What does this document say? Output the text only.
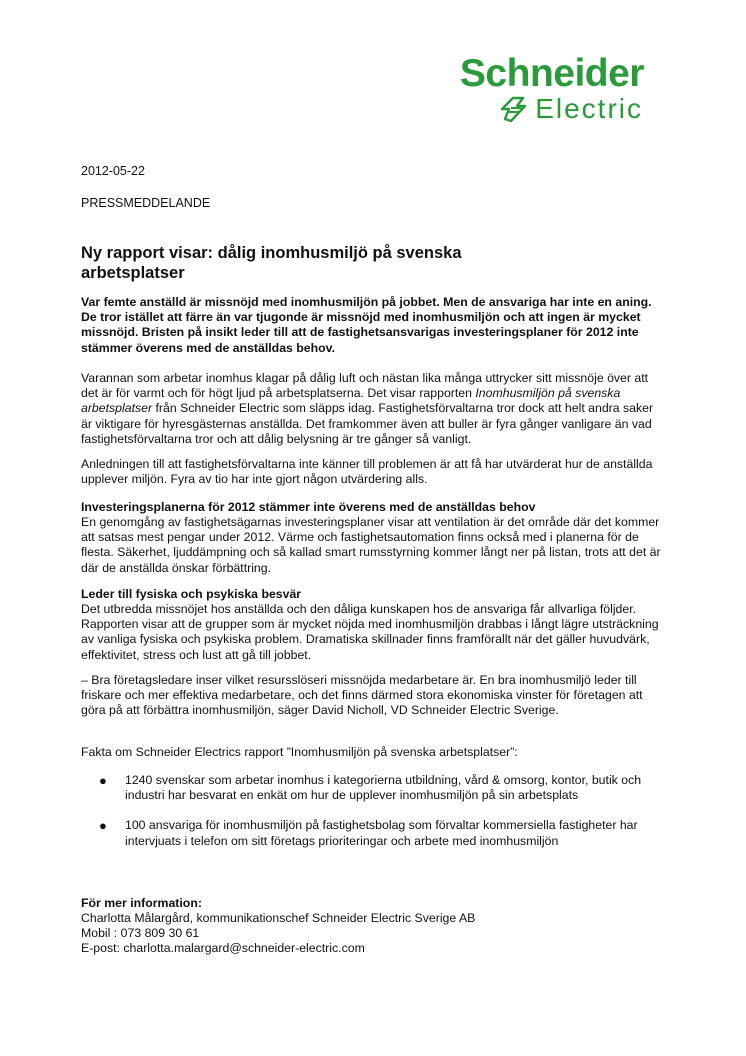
Schneider
Electric
2012-05-22
PRESSMEDDELANDE
Ny rapport visar: dålig inomhusmiljö på svenska arbetsplatser
Var femte anställd är missnöjd med inomhusmiljön på jobbet. Men de ansvariga har inte en aning. De tror istället att färre än var tjugonde är missnöjd med inomhusmiljön och att ingen är mycket missnöjd. Bristen på insikt leder till att de fastighetsansvarigas investeringsplaner för 2012 inte stämmer överens med de anställdas behov.
Varannan som arbetar inomhus klagar på dålig luft och nästan lika många uttrycker sitt missnöje över att det är för varmt och för högt ljud på arbetsplatserna. Det visar rapporten Inomhusmiljön på svenska arbetsplatser från Schneider Electric som släpps idag. Fastighetsförvaltarna tror dock att helt andra saker är viktigare för hyresgästernas anställda. Det framkommer även att buller är fyra gånger vanligare än vad fastighetsförvaltarna tror och att dålig belysning är tre gånger så vanligt.
Anledningen till att fastighetsförvaltarna inte känner till problemen är att få har utvärderat hur de anställda upplever miljön. Fyra av tio har inte gjort någon utvärdering alls.
Investeringsplanerna för 2012 stämmer inte överens med de anställdas behov
En genomgång av fastighetsägarnas investeringsplaner visar att ventilation är det område där det kommer att satsas mest pengar under 2012. Värme och fastighetsautomation finns också med i planerna för de flesta. Säkerhet, ljuddämpning och så kallad smart rumsstyrning kommer långt ner på listan, trots att det är där de anställda önskar förbättring.
Leder till fysiska och psykiska besvär
Det utbredda missnöjet hos anställda och den dåliga kunskapen hos de ansvariga får allvarliga följder. Rapporten visar att de grupper som är mycket nöjda med inomhusmiljön drabbas i långt lägre utsträckning av vanliga fysiska och psykiska problem. Dramatiska skillnader finns framförallt när det gäller huvudvärk, effektivitet, stress och lust att gå till jobbet.
– Bra företagsledare inser vilket resursslöseri missnöjda medarbetare är. En bra inomhusmiljö leder till friskare och mer effektiva medarbetare, och det finns därmed stora ekonomiska vinster för företagen att göra på att förbättra inomhusmiljön, säger David Nicholl, VD Schneider Electric Sverige.
Fakta om Schneider Electrics rapport ”Inomhusmiljön på svenska arbetsplatser”:
● 1240 svenskar som arbetar inomhus i kategorierna utbildning, vård & omsorg, kontor, butik och industri har besvarat en enkät om hur de upplever inomhusmiljön på sin arbetsplats
● 100 ansvariga för inomhusmiljön på fastighetsbolag som förvaltar kommersiella fastigheter har intervjuats i telefon om sitt företags prioriteringar och arbete med inomhusmiljön
För mer information:
Charlotta Målargård, kommunikationschef Schneider Electric Sverige AB
Mobil : 073 809 30 61
E-post: charlotta.malargard@schneider-electric.com
